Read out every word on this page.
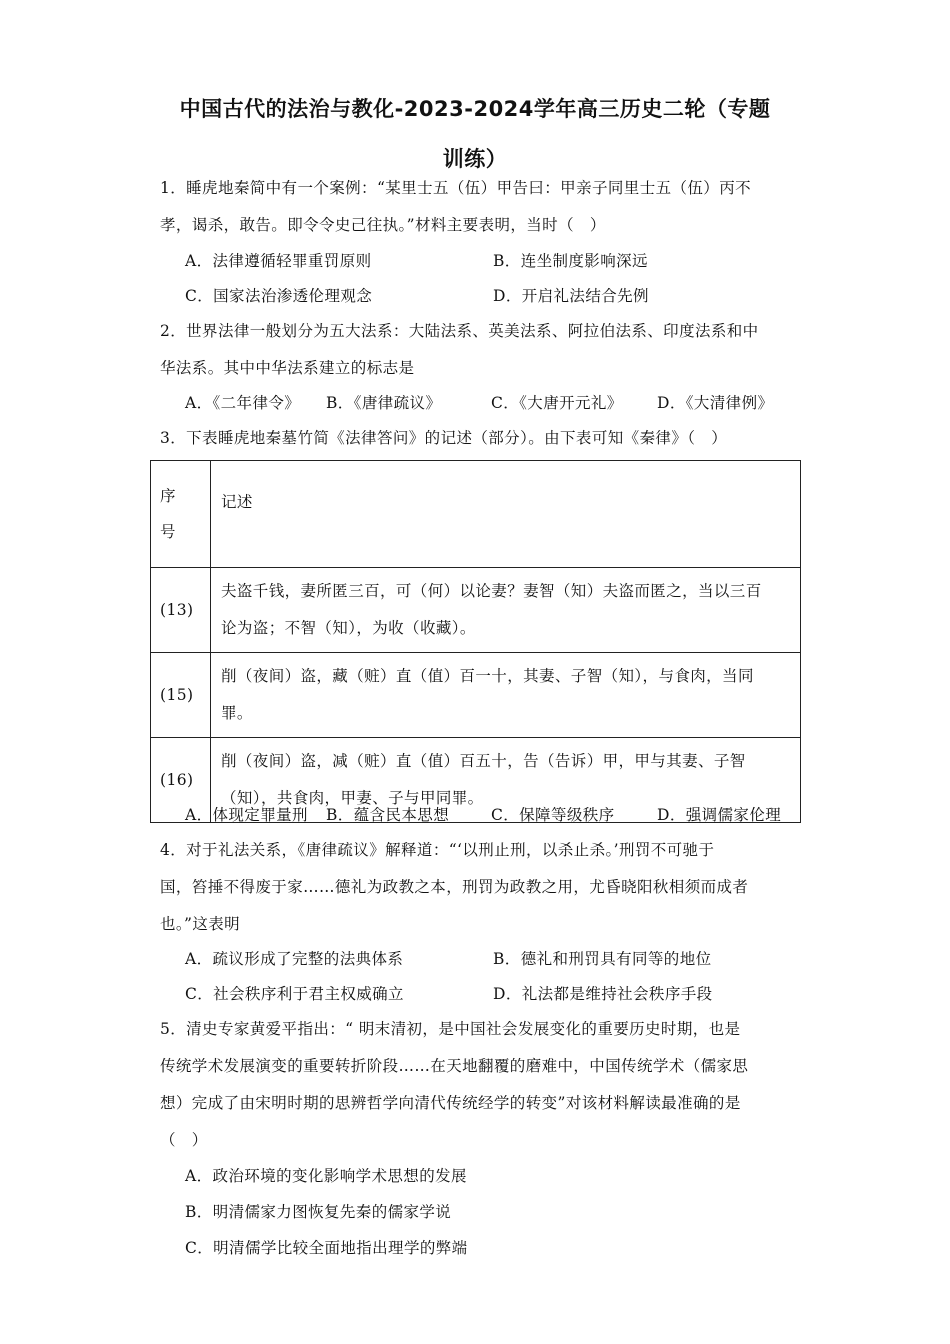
中国古代的法治与教化-2023-2024学年高三历史二轮（专题
训练）
1．睡虎地秦简中有一个案例：“某里士五（伍）甲告曰：甲亲子同里士五（伍）丙不
孝，谒杀，敢告。即令令史己往执。”材料主要表明，当时（　）
A．法律遵循轻罪重罚原则	B．连坐制度影响深远
C．国家法治渗透伦理观念	D．开启礼法结合先例
2．世界法律一般划分为五大法系：大陆法系、英美法系、阿拉伯法系、印度法系和中
华法系。其中中华法系建立的标志是
A．《二年律令》 B．《唐律疏议》	C．《大唐开元礼》 D．《大清律例》
3．下表睡虎地秦墓竹简《法律答问》的记述（部分）。由下表可知《秦律》（　）
序
号	记述
(13)	夫盗千钱，妻所匿三百，可（何）以论妻？妻智（知）夫盗而匿之，当以三百
论为盗；不智（知），为收（收藏）。

(15)	削（夜间）盗，藏（赃）直（值）百一十，其妻、子智（知），与食肉，当同
罪。

(16)	削（夜间）盗，减（赃）直（值）百五十，告（告诉）甲，甲与其妻、子智
（知），共食肉，甲妻、子与甲同罪。
A．体现定罪量刑 B．蕴含民本思想	C．保障等级秩序	D．强调儒家伦理
4．对于礼法关系，《唐律疏议》解释道：“‘以刑止刑，以杀止杀。’刑罚不可驰于
国，笞捶不得废于家……德礼为政教之本，刑罚为政教之用，尤昏晓阳秋相须而成者
也。”这表明
A．疏议形成了完整的法典体系	B．德礼和刑罚具有同等的地位
C．社会秩序利于君主权威确立	D．礼法都是维持社会秩序手段
5．清史专家黄爱平指出：“ 明末清初，是中国社会发展变化的重要历史时期，也是
传统学术发展演变的重要转折阶段……在天地翻覆的磨难中，中国传统学术（儒家思
想）完成了由宋明时期的思辨哲学向清代传统经学的转变”对该材料解读最准确的是
（　）
A．政治环境的变化影响学术思想的发展
B．明清儒家力图恢复先秦的儒家学说
C．明清儒学比较全面地指出理学的弊端
